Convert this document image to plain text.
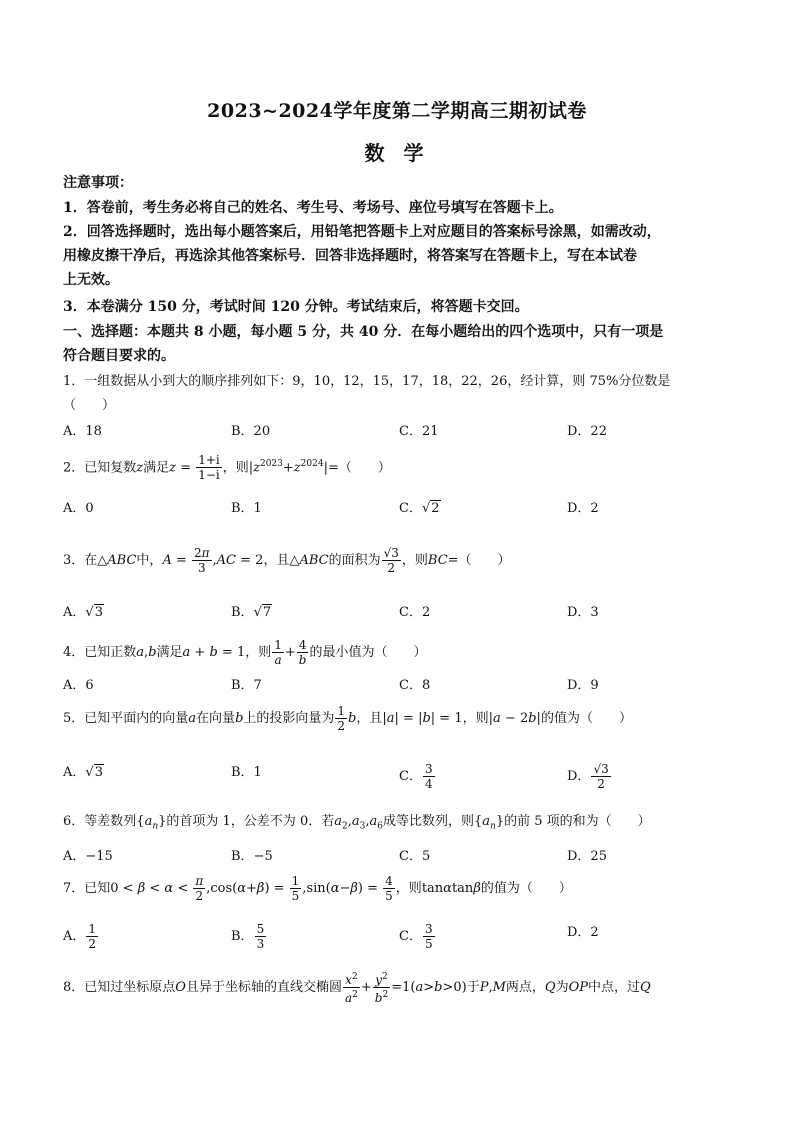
2023~2024学年度第二学期高三期初试卷
数 学
注意事项：
1．答卷前，考生务必将自己的姓名、考生号、考场号、座位号填写在答题卡上。
2．回答选择题时，选出每小题答案后，用铅笔把答题卡上对应题目的答案标号涂黑，如需改动，
用橡皮擦干净后，再选涂其他答案标号．回答非选择题时，将答案写在答题卡上，写在本试卷
上无效。
3．本卷满分 150 分，考试时间 120 分钟。考试结束后，将答题卡交回。
一、选择题：本题共 8 小题，每小题 5 分，共 40 分．在每小题给出的四个选项中，只有一项是
符合题目要求的。
1．一组数据从小到大的顺序排列如下：9，10，12，15，17，18，22，26，经计算，则 75%分位数是
（　　）
A．18	B．20	C．21	D．22
2．已知复数z满足$z = \frac{1+i}{1-i}$ ，则$|z^{2023}+z^{2024}|=$（　　）
A．0	B．1	C．√2	D．2
3．在△ABC中，$A = \frac{2\pi}{3} ,AC = 2$，且△ABC的面积为 $\frac{√3}{2}$ ，则BC=（　　）
A．√3	B．√7	C．2	D．3
4．已知正数a,b满足a + b = 1，则 $\frac{1}{a} + \frac{4}{b}$ 的最小值为（　　）
A．6	B．7	C．8	D．9
5．已知平面内的向量a在向量b上的投影向量为 $\frac{1}{2}$ b，且|a| = |b| = 1，则|a − 2b|的值为（　　）
A．√3	B．1	C． $\frac{3}{4}$	D． $\frac{√3}{2}$
6．等差数列$\{a_n\}$的首项为 1，公差不为 0．若$a_2,a_3,a_6$成等比数列，则$\{a_n\}$的前 5 项的和为（　　）
A．−15	B．−5	C．5	D．25
7．已知$0 < \beta < \alpha < \frac{\pi}{2} ,\cos(\alpha+\beta) = \frac{1}{5} ,\sin(\alpha-\beta) = \frac{4}{5}$ ，则tanαtanβ的值为（　　）
A． $\frac{1}{2}$	B． $\frac{5}{3}$	C． $\frac{3}{5}$	D．2
8．已知过坐标原点O且异于坐标轴的直线交椭圆 $\frac{x^2}{a^2} + \frac{y^2}{b^2} =1(a>b>0)$于P,M两点，Q为OP中点，过Q
